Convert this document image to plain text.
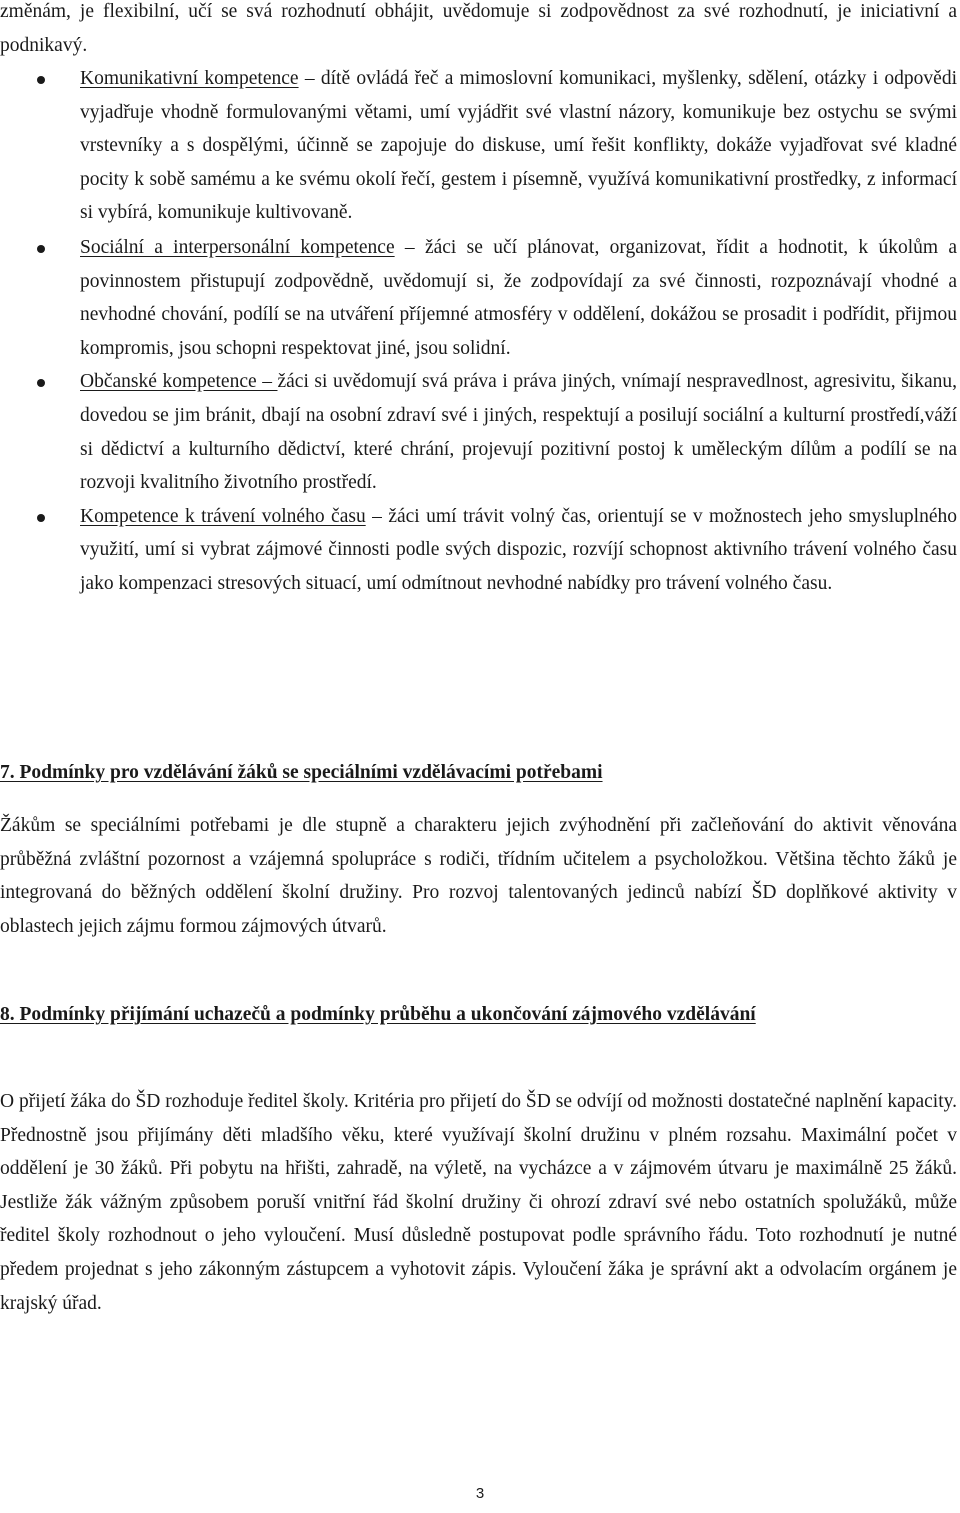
změnám, je flexibilní, učí se svá rozhodnutí obhájit, uvědomuje si zodpovědnost za své rozhodnutí, je iniciativní a podnikavý.

Komunikativní kompetence – dítě ovládá řeč a mimoslovní komunikaci, myšlenky, sdělení, otázky i odpovědi vyjadřuje vhodně formulovanými větami, umí vyjádřit své vlastní názory, komunikuje bez ostychu se svými vrstevníky a s dospělými, účinně se zapojuje do diskuse, umí řešit konflikty, dokáže vyjadřovat své kladné pocity k sobě samému a ke svému okolí řečí, gestem i písemně, využívá komunikativní prostředky, z informací si vybírá, komunikuje kultivovaně.
Sociální a interpersonální kompetence – žáci se učí plánovat, organizovat, řídit a hodnotit, k úkolům a povinnostem přistupují zodpovědně, uvědomují si, že zodpovídají za své činnosti, rozpoznávají vhodné a nevhodné chování, podílí se na utváření příjemné atmosféry v oddělení, dokážou se prosadit i podřídit, přijmou kompromis, jsou schopni respektovat jiné, jsou solidní.
Občanské kompetence – žáci si uvědomují svá práva i práva jiných, vnímají nespravedlnost, agresivitu, šikanu, dovedou se jim bránit, dbají na osobní zdraví své i jiných, respektují a posilují sociální a kulturní prostředí,váží si dědictví a kulturního dědictví, které chrání, projevují pozitivní postoj k uměleckým dílům a podílí se na rozvoji kvalitního životního prostředí.
Kompetence k trávení volného času – žáci umí trávit volný čas, orientují se v možnostech jeho smysluplného využití, umí si vybrat zájmové činnosti podle svých dispozic, rozvíjí schopnost aktivního trávení volného času jako kompenzaci stresových situací, umí odmítnout nevhodné nabídky pro trávení volného času.
7. Podmínky pro vzdělávání žáků se speciálními vzdělávacími potřebami

Žákům se speciálními potřebami je dle stupně a charakteru jejich zvýhodnění při začleňování do aktivit věnována průběžná zvláštní pozornost a vzájemná spolupráce s rodiči, třídním učitelem a psycholožkou. Většina těchto žáků je integrovaná do běžných oddělení školní družiny. Pro rozvoj talentovaných jedinců nabízí ŠD doplňkové aktivity v oblastech jejich zájmu formou zájmových útvarů.

8. Podmínky přijímání uchazečů a podmínky průběhu a ukončování zájmového vzdělávání

O přijetí žáka do ŠD rozhoduje ředitel školy. Kritéria pro přijetí do ŠD se odvíjí od možnosti dostatečné naplnění kapacity. Přednostně jsou přijímány děti mladšího věku, které využívají školní družinu v plném rozsahu. Maximální počet v oddělení je 30 žáků. Při pobytu na hřišti, zahradě, na výletě, na vycházce a v zájmovém útvaru je maximálně 25 žáků. Jestliže žák vážným způsobem poruší vnitřní řád školní družiny či ohrozí zdraví své nebo ostatních spolužáků, může ředitel školy rozhodnout o jeho vyloučení. Musí důsledně postupovat podle správního řádu. Toto rozhodnutí je nutné předem projednat s jeho zákonným zástupcem a vyhotovit zápis. Vyloučení žáka je správní akt a odvolacím orgánem je krajský úřad.

3
